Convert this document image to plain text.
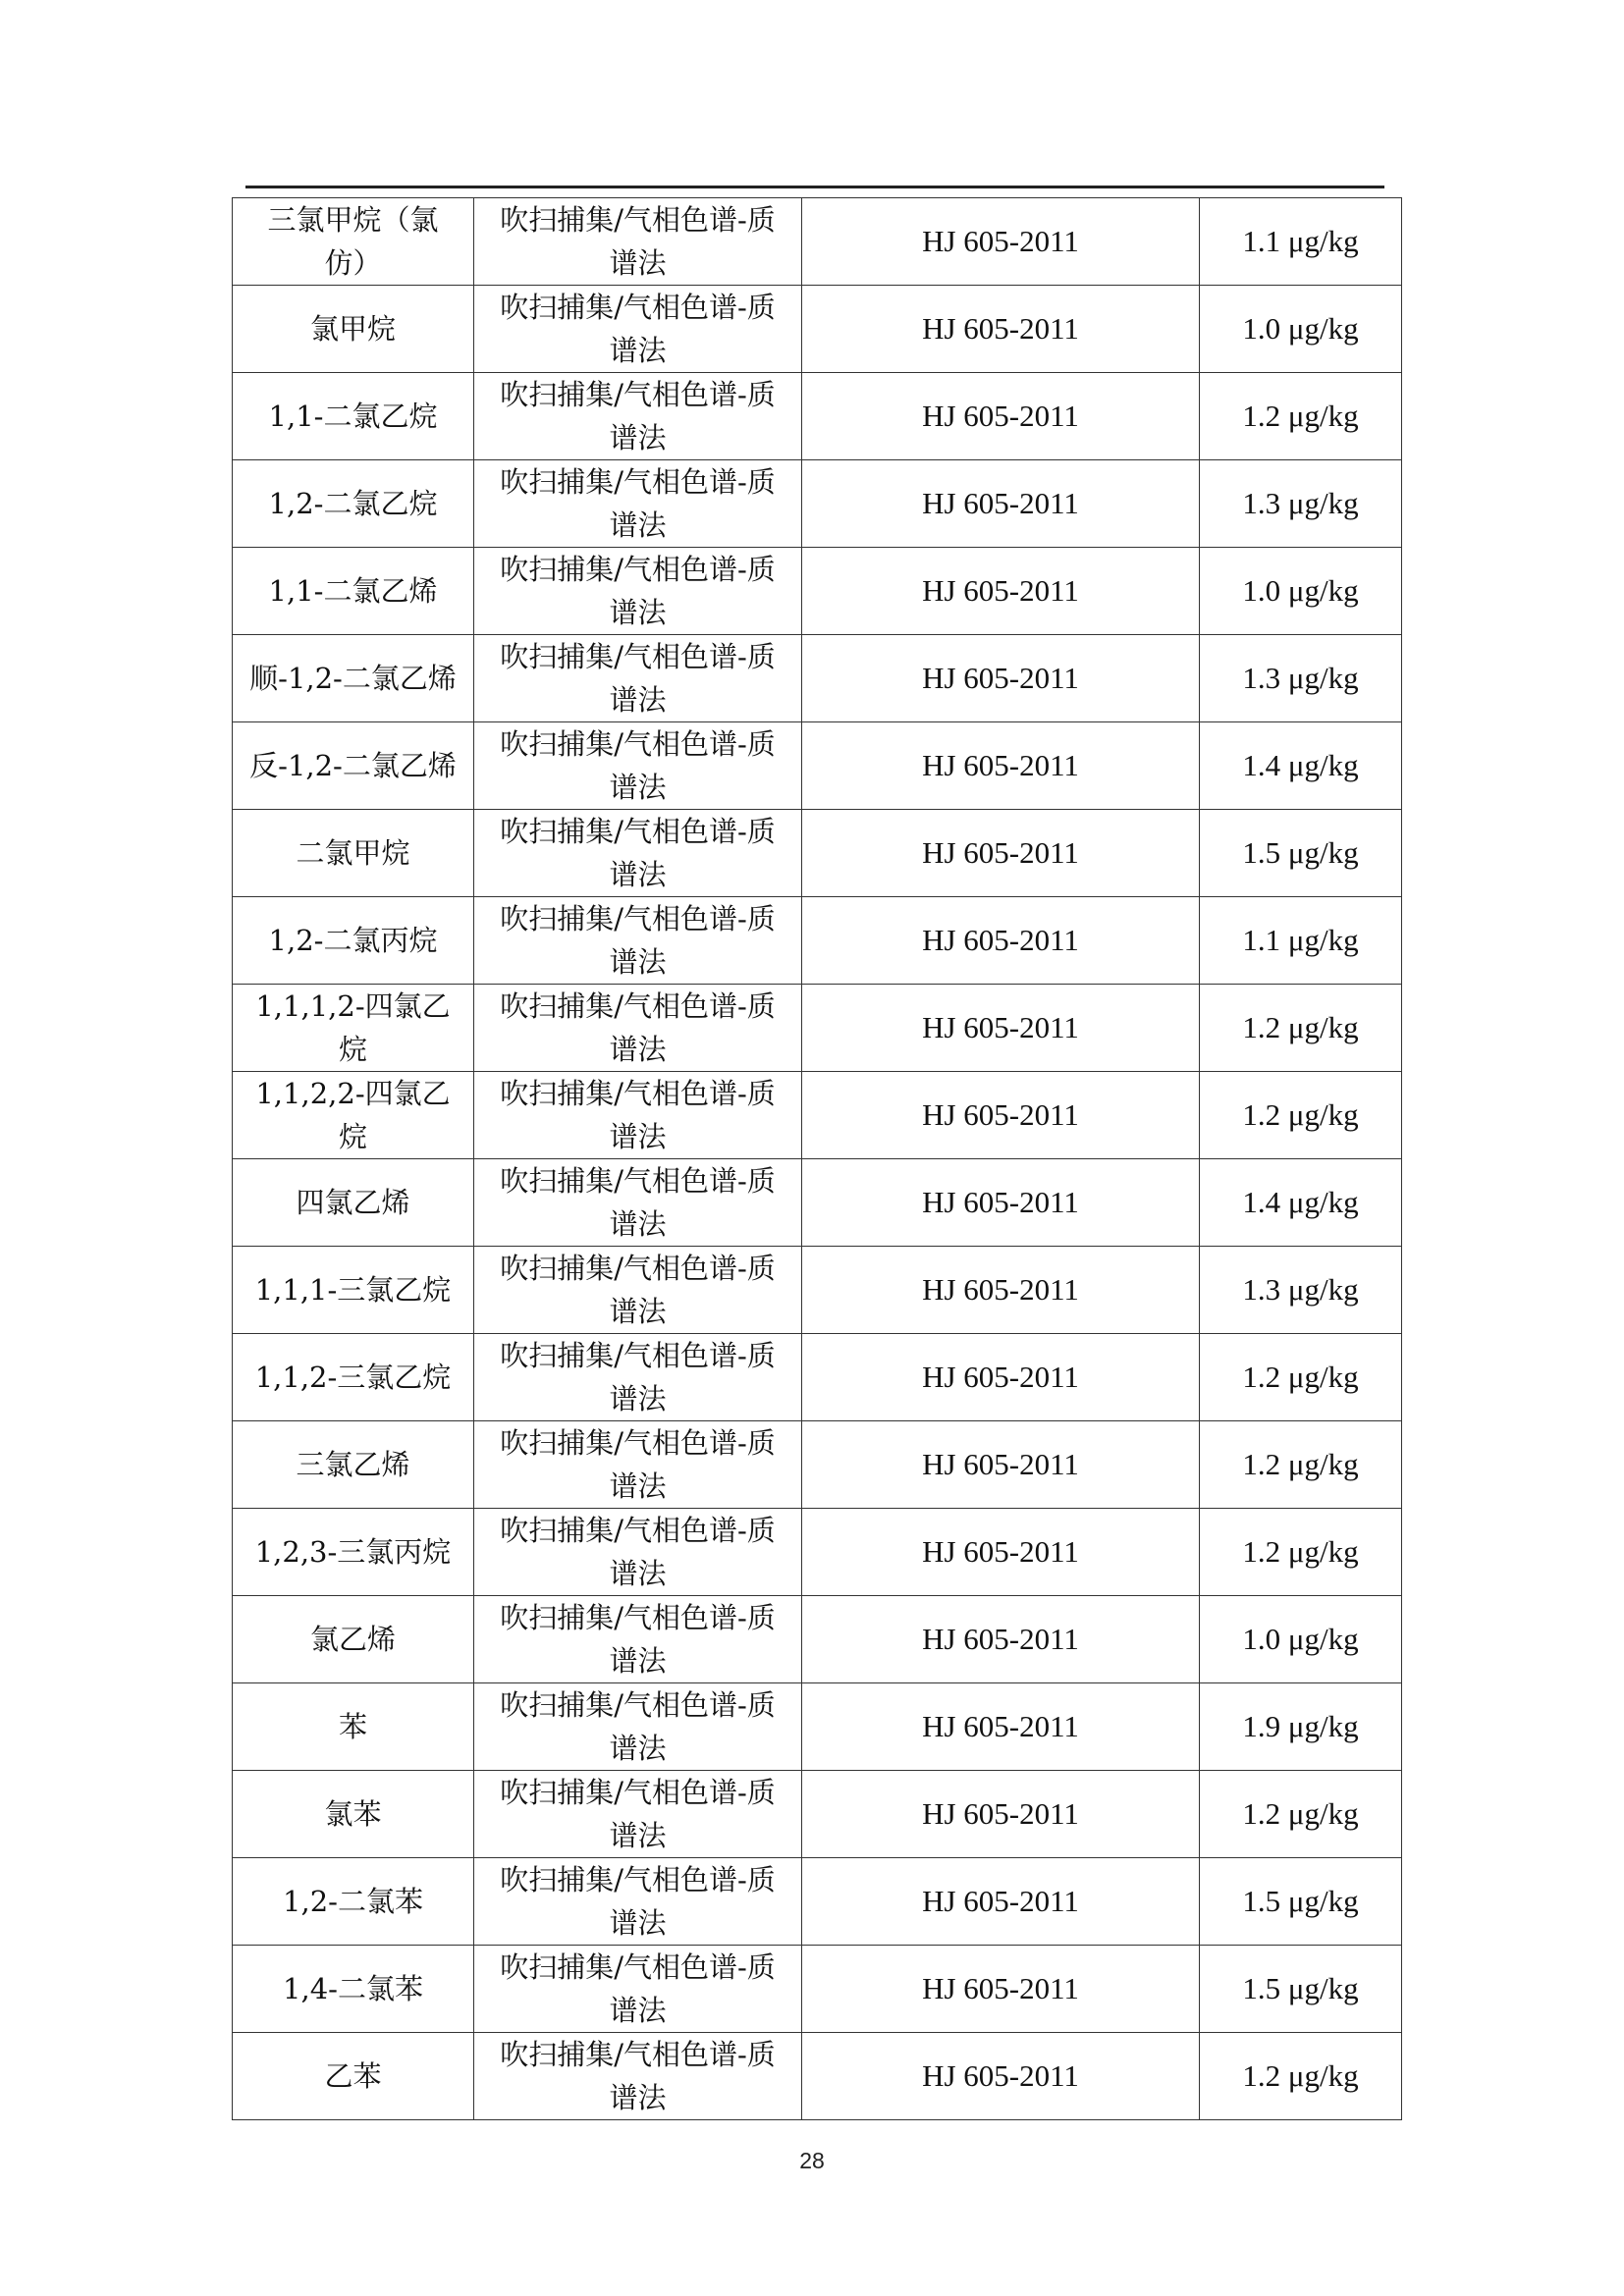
三氯甲烷（氯仿）	吹扫捕集/气相色谱-质谱法	HJ 605-2011	1.1 μg/kg
氯甲烷	吹扫捕集/气相色谱-质谱法	HJ 605-2011	1.0 μg/kg
1,1-二氯乙烷	吹扫捕集/气相色谱-质谱法	HJ 605-2011	1.2 μg/kg
1,2-二氯乙烷	吹扫捕集/气相色谱-质谱法	HJ 605-2011	1.3 μg/kg
1,1-二氯乙烯	吹扫捕集/气相色谱-质谱法	HJ 605-2011	1.0 μg/kg
顺-1,2-二氯乙烯	吹扫捕集/气相色谱-质谱法	HJ 605-2011	1.3 μg/kg
反-1,2-二氯乙烯	吹扫捕集/气相色谱-质谱法	HJ 605-2011	1.4 μg/kg
二氯甲烷	吹扫捕集/气相色谱-质谱法	HJ 605-2011	1.5 μg/kg
1,2-二氯丙烷	吹扫捕集/气相色谱-质谱法	HJ 605-2011	1.1 μg/kg
1,1,1,2-四氯乙烷	吹扫捕集/气相色谱-质谱法	HJ 605-2011	1.2 μg/kg
1,1,2,2-四氯乙烷	吹扫捕集/气相色谱-质谱法	HJ 605-2011	1.2 μg/kg
四氯乙烯	吹扫捕集/气相色谱-质谱法	HJ 605-2011	1.4 μg/kg
1,1,1-三氯乙烷	吹扫捕集/气相色谱-质谱法	HJ 605-2011	1.3 μg/kg
1,1,2-三氯乙烷	吹扫捕集/气相色谱-质谱法	HJ 605-2011	1.2 μg/kg
三氯乙烯	吹扫捕集/气相色谱-质谱法	HJ 605-2011	1.2 μg/kg
1,2,3-三氯丙烷	吹扫捕集/气相色谱-质谱法	HJ 605-2011	1.2 μg/kg
氯乙烯	吹扫捕集/气相色谱-质谱法	HJ 605-2011	1.0 μg/kg
苯	吹扫捕集/气相色谱-质谱法	HJ 605-2011	1.9 μg/kg
氯苯	吹扫捕集/气相色谱-质谱法	HJ 605-2011	1.2 μg/kg
1,2-二氯苯	吹扫捕集/气相色谱-质谱法	HJ 605-2011	1.5 μg/kg
1,4-二氯苯	吹扫捕集/气相色谱-质谱法	HJ 605-2011	1.5 μg/kg
乙苯	吹扫捕集/气相色谱-质谱法	HJ 605-2011	1.2 μg/kg
28
